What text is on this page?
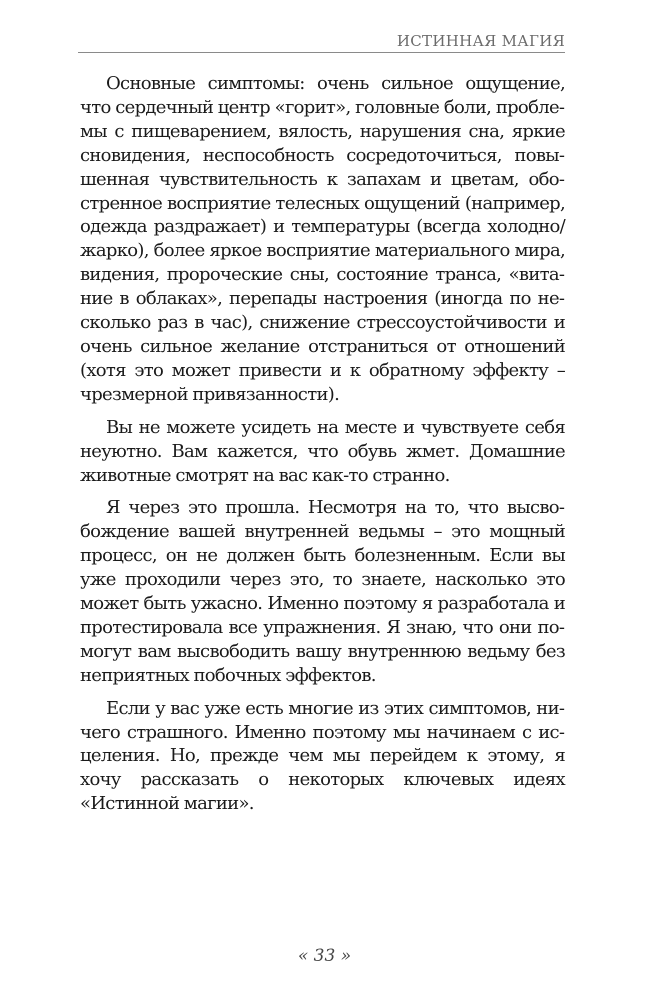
ИСТИННАЯ МАГИЯ

Основные симптомы: очень сильное ощущение, что сердечный центр «горит», головные боли, проблемы с пищеварением, вялость, нарушения сна, яркие сновидения, неспособность сосредоточиться, повышенная чувствительность к запахам и цветам, обостренное восприятие телесных ощущений (например, одежда раздражает) и температуры (всегда холодно/ жарко), более яркое восприятие материального мира, видения, пророческие сны, состояние транса, «витание в облаках», перепады настроения (иногда по несколько раз в час), снижение стрессоустойчивости и очень сильное желание отстраниться от отношений (хотя это может привести и к обратному эффекту – чрезмерной привязанности).

Вы не можете усидеть на месте и чувствуете себя неуютно. Вам кажется, что обувь жмет. Домашние животные смотрят на вас как-то странно.

Я через это прошла. Несмотря на то, что высвобождение вашей внутренней ведьмы – это мощный процесс, он не должен быть болезненным. Если вы уже проходили через это, то знаете, насколько это может быть ужасно. Именно поэтому я разработала и протестировала все упражнения. Я знаю, что они помогут вам высвободить вашу внутреннюю ведьму без неприятных побочных эффектов.

Если у вас уже есть многие из этих симптомов, ничего страшного. Именно поэтому мы начинаем с исцеления. Но, прежде чем мы перейдем к этому, я хочу рассказать о некоторых ключевых идеях «Истинной магии».

« 33 »
